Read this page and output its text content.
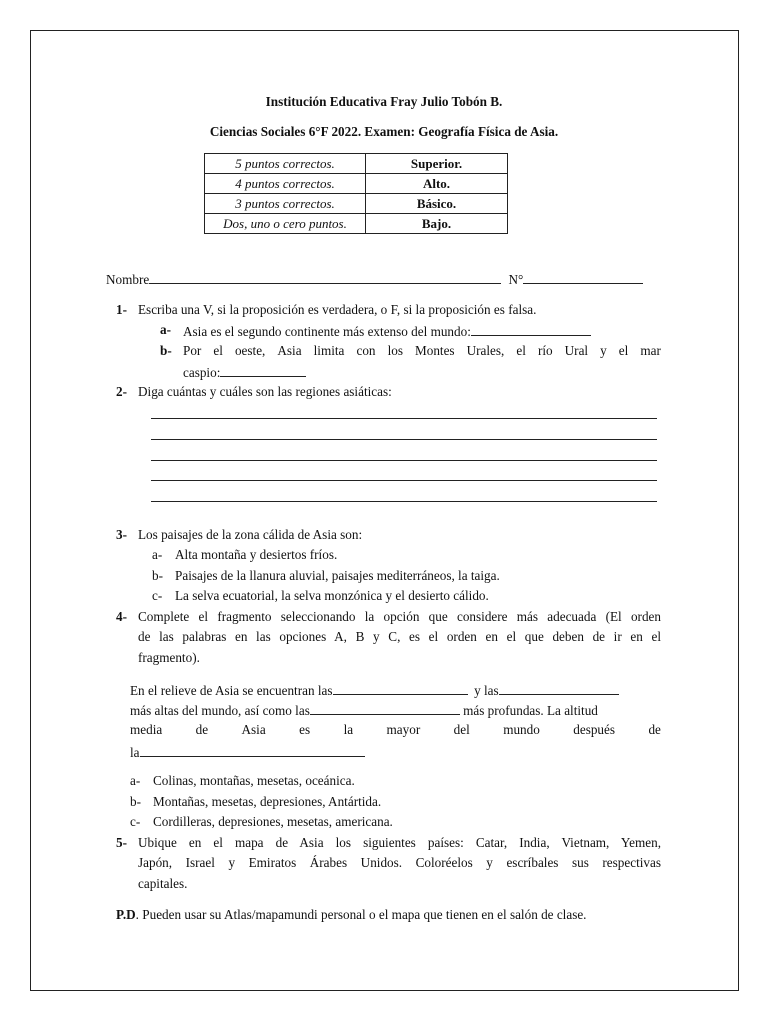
Institución Educativa Fray Julio Tobón B.
Ciencias Sociales 6°F 2022. Examen: Geografía Física de Asia.
5 puntos correctos.	Superior.
4 puntos correctos.	Alto.
3 puntos correctos.	Básico.
Dos, uno o cero puntos.	Bajo.
Nombre	N°
1- Escriba una V, si la proposición es verdadera, o F, si la proposición es falsa.
a- Asia es el segundo continente más extenso del mundo:
b- Por el oeste, Asia limita con los Montes Urales, el río Ural y el mar
caspio:
2- Diga cuántas y cuáles son las regiones asiáticas:
3- Los paisajes de la zona cálida de Asia son:
a- Alta montaña y desiertos fríos.
b- Paisajes de la llanura aluvial, paisajes mediterráneos, la taiga.
c- La selva ecuatorial, la selva monzónica y el desierto cálido.
4- Complete el fragmento seleccionando la opción que considere más adecuada (El orden
de las palabras en las opciones A, B y C, es el orden en el que deben de ir en el
fragmento).
En el relieve de Asia se encuentran las	y las
más altas del mundo, así como las	más profundas. La altitud
media	de	Asia	es	la	mayor	del	mundo	después	de
la
a- Colinas, montañas, mesetas, oceánica.
b- Montañas, mesetas, depresiones, Antártida.
c- Cordilleras, depresiones, mesetas, americana.
5- Ubique en el mapa de Asia los siguientes países: Catar, India, Vietnam, Yemen,
Japón, Israel y Emiratos Árabes Unidos. Coloréelos y escríbales sus respectivas
capitales.
P.D. Pueden usar su Atlas/mapamundi personal o el mapa que tienen en el salón de clase.
